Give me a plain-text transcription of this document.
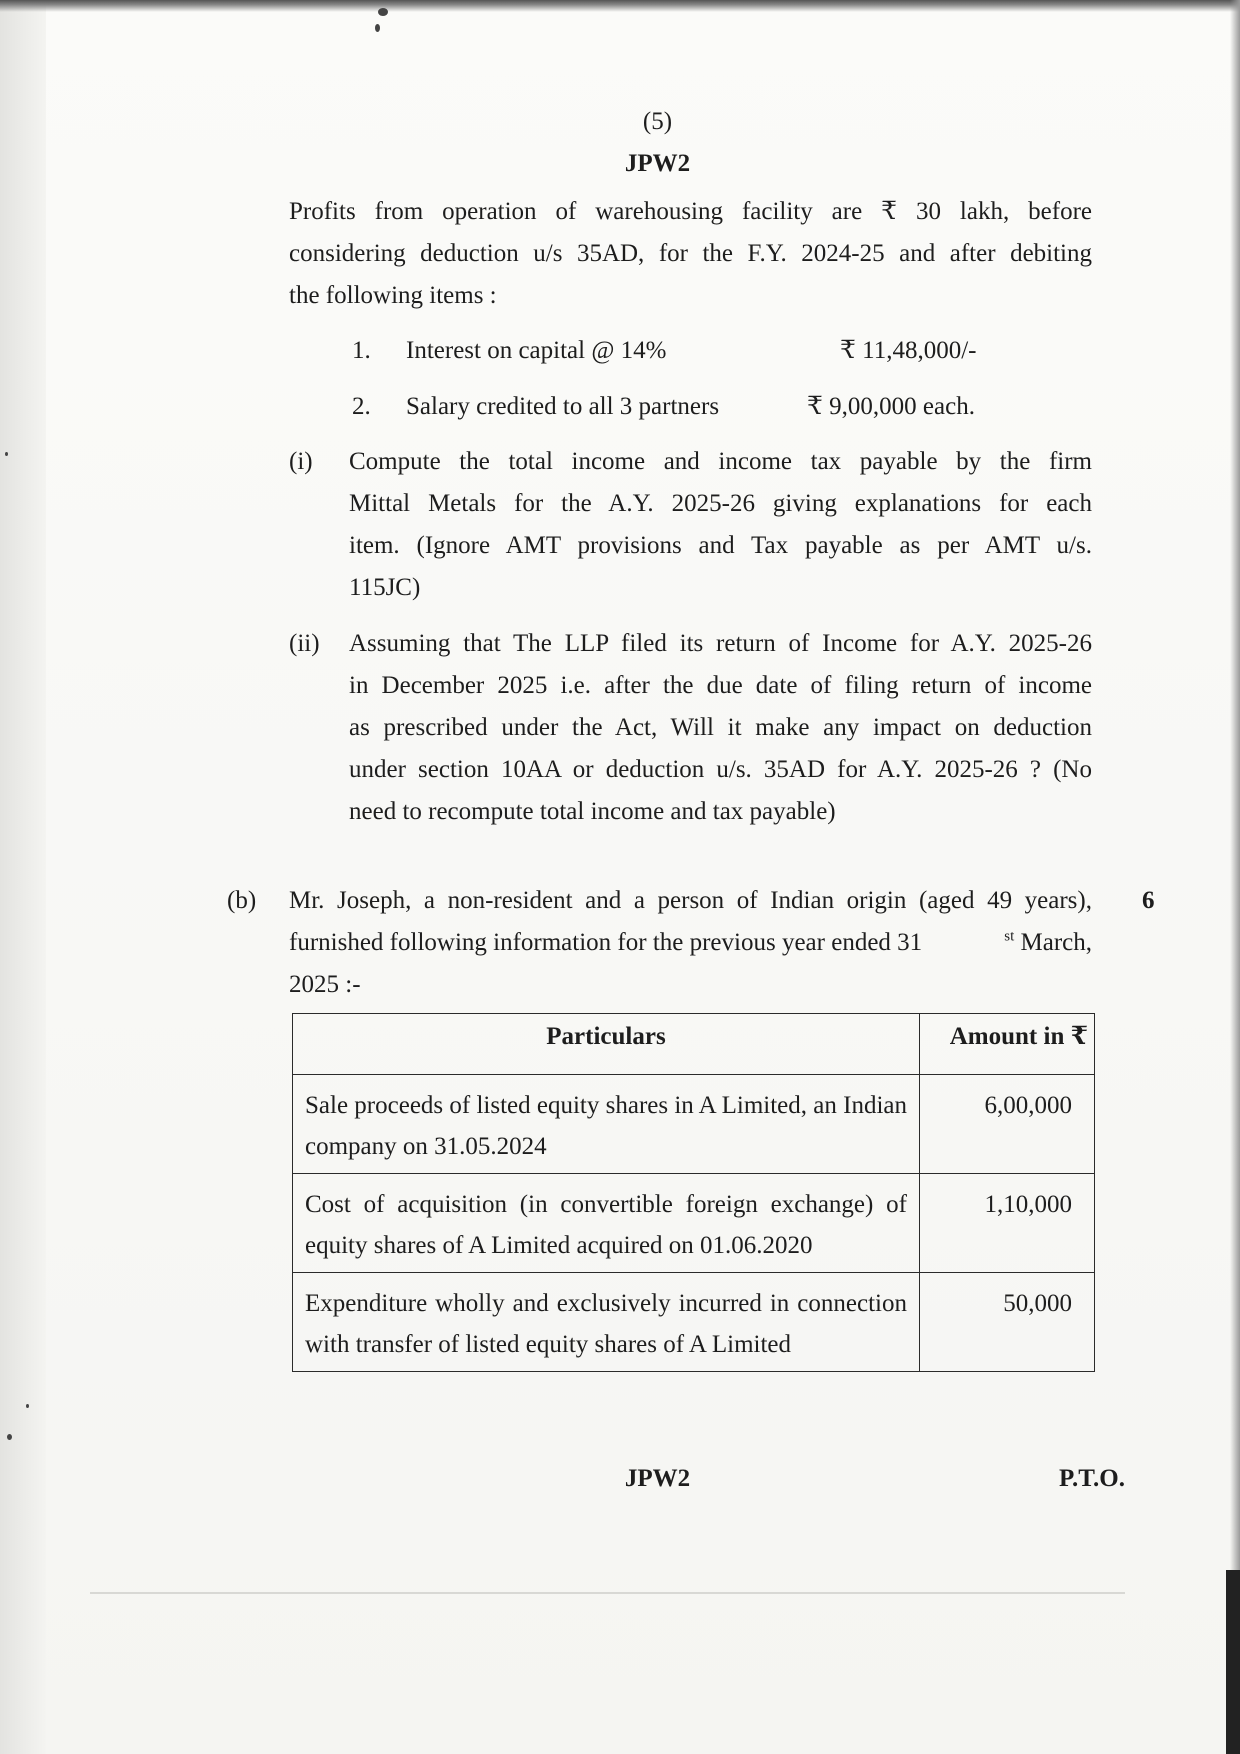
(5)
JPW2
Profits from operation of warehousing facility are ₹ 30 lakh, before
considering deduction u/s 35AD, for the F.Y. 2024-25 and after debiting
the following items :
1. Interest on capital @ 14%	₹ 11,48,000/-
2. Salary credited to all 3 partners	₹ 9,00,000 each.
(i) Compute the total income and income tax payable by the firm
Mittal Metals for the A.Y. 2025-26 giving explanations for each
item. (Ignore AMT provisions and Tax payable as per AMT u/s.
115JC)
(ii) Assuming that The LLP filed its return of Income for A.Y. 2025-26
in December 2025 i.e. after the due date of filing return of income
as prescribed under the Act, Will it make any impact on deduction
under section 10AA or deduction u/s. 35AD for A.Y. 2025-26 ? (No
need to recompute total income and tax payable)
(b) Mr. Joseph, a non-resident and a person of Indian origin (aged 49 years), 6
furnished following information for the previous year ended 31	$^{st}$ March,
2025 :-
Particulars	Amount in ₹
Sale proceeds of listed equity shares in A Limited, an Indian company on 31.05.2024	6,00,000
Cost of acquisition (in convertible foreign exchange) of equity shares of A Limited acquired on 01.06.2020	1,10,000
Expenditure wholly and exclusively incurred in connection with transfer of listed equity shares of A Limited	50,000
JPW2	P.T.O.
